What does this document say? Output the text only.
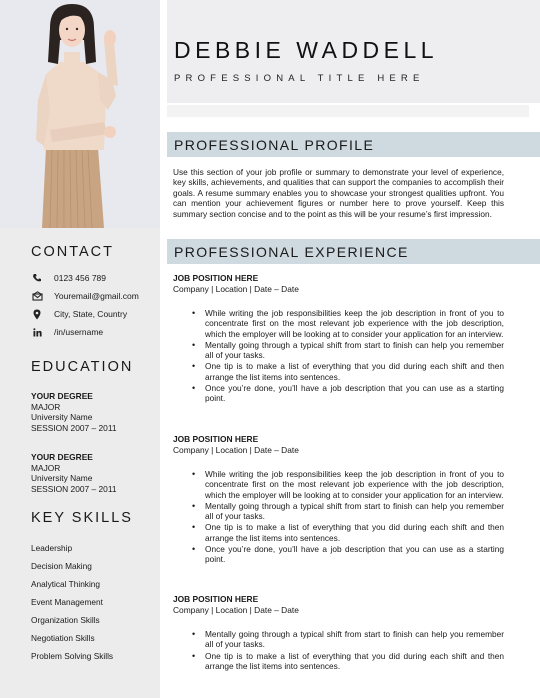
CONTACT
0123 456 789
Youremail@gmail.com
City, State, Country
/in/username
EDUCATION
YOUR DEGREE
MAJOR
University Name
SESSION 2007 – 2011
YOUR DEGREE
MAJOR
University Name
SESSION 2007 – 2011
KEY SKILLS
Leadership
Decision Making
Analytical Thinking
Event Management
Organization Skills
Negotiation Skills
Problem Solving Skills
DEBBIE WADDELL
PROFESSIONAL TITLE HERE
PROFESSIONAL PROFILE
Use this section of your job profile or summary to demonstrate your level of experience, key skills, achievements, and qualities that can support the companies to accomplish their goals. A resume summary enables you to showcase your strongest qualities upfront. You can mention your achievement figures or number here to prove yourself. Keep this summary section concise and to the point as this will be your resume’s first impression.
PROFESSIONAL EXPERIENCE
JOB POSITION HERE
Company | Location | Date – Date
• While writing the job responsibilities keep the job description in front of you to concentrate first on the most relevant job experience with the job description, which the employer will be looking at to consider your application for an interview.
• Mentally going through a typical shift from start to finish can help you remember all of your tasks.
• One tip is to make a list of everything that you did during each shift and then arrange the list items into sentences.
• Once you’re done, you’ll have a job description that you can use as a starting point.
JOB POSITION HERE
Company | Location | Date – Date
• While writing the job responsibilities keep the job description in front of you to concentrate first on the most relevant job experience with the job description, which the employer will be looking at to consider your application for an interview.
• Mentally going through a typical shift from start to finish can help you remember all of your tasks.
• One tip is to make a list of everything that you did during each shift and then arrange the list items into sentences.
• Once you’re done, you’ll have a job description that you can use as a starting point.
JOB POSITION HERE
Company | Location | Date – Date
• Mentally going through a typical shift from start to finish can help you remember all of your tasks.
• One tip is to make a list of everything that you did during each shift and then arrange the list items into sentences.
